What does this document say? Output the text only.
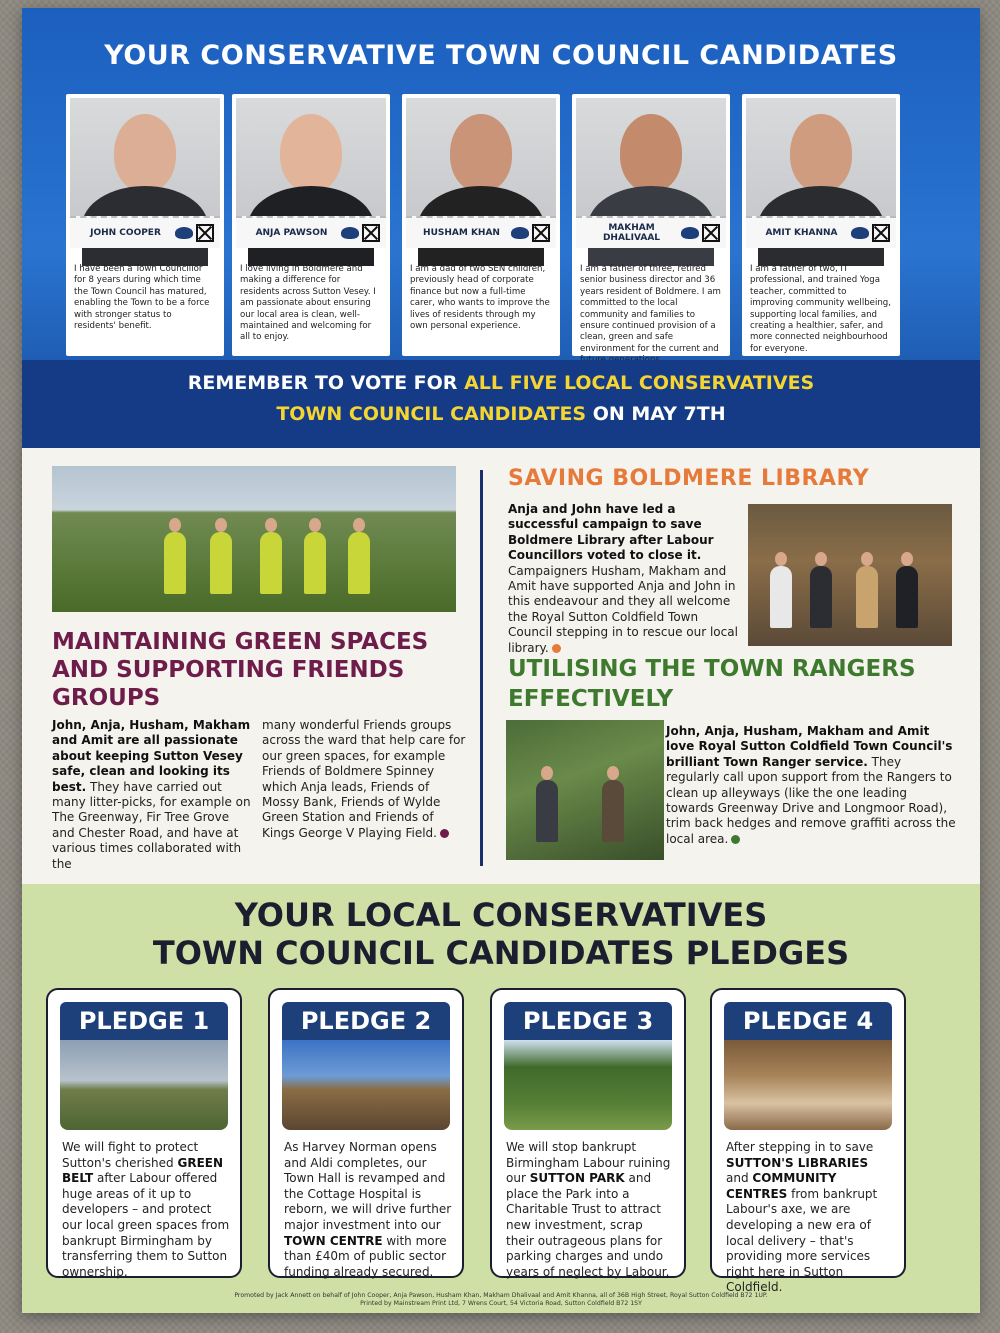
YOUR CONSERVATIVE TOWN COUNCIL CANDIDATES
JOHN COOPER
I have been a Town Councillor for 8 years during which time the Town Council has matured, enabling the Town to be a force with stronger status to residents' benefit.
ANJA PAWSON
I love living in Boldmere and making a difference for residents across Sutton Vesey. I am passionate about ensuring our local area is clean, well-maintained and welcoming for all to enjoy.
HUSHAM KHAN
I am a dad of two SEN children, previously head of corporate finance but now a full-time carer, who wants to improve the lives of residents through my own personal experience.
MAKHAM DHALIVAAL
I am a father of three, retired senior business director and 36 years resident of Boldmere. I am committed to the local community and families to ensure continued provision of a clean, green and safe environment for the current and
AMIT KHANNA
I am a father of two, IT professional, and trained Yoga teacher, committed to improving community wellbeing, supporting local families, and creating a healthier, safer, and more connected neighbourhood for everyone.
REMEMBER TO VOTE FOR ALL FIVE LOCAL CONSERVATIVES
TOWN COUNCIL CANDIDATES ON MAY 7TH
MAINTAINING GREEN SPACES AND SUPPORTING FRIENDS GROUPS
John, Anja, Husham, Makham and Amit are all passionate about keeping Sutton Vesey safe, clean and looking its best. They have carried out many litter-picks, for example on The Greenway, Fir Tree Grove and Chester Road, and have at various times collaborated with the
many wonderful Friends groups across the ward that help care for our green spaces, for example Friends of Boldmere Spinney which Anja leads, Friends of Mossy Bank, Friends of Wylde Green Station and Friends of Kings George V Playing Field.
SAVING BOLDMERE LIBRARY
Anja and John have led a successful campaign to save Boldmere Library after Labour Councillors voted to close it. Campaigners Husham, Makham and Amit have supported Anja and John in this endeavour and they all welcome the Royal Sutton Coldfield Town Council stepping in to rescue our local library.
UTILISING THE TOWN RANGERS EFFECTIVELY
John, Anja, Husham, Makham and Amit love Royal Sutton Coldfield Town Council's brilliant Town Ranger service. They regularly call upon support from the Rangers to clean up alleyways (like the one leading towards Greenway Drive and Longmoor Road), trim back hedges and remove graffiti across the local area.
YOUR LOCAL CONSERVATIVES
TOWN COUNCIL CANDIDATES PLEDGES
PLEDGE 1
We will fight to protect Sutton's cherished GREEN BELT after Labour offered huge areas of it up to developers – and protect our local green spaces from bankrupt Birmingham by transferring them to Sutton ownership.
PLEDGE 2
As Harvey Norman opens and Aldi completes, our Town Hall is revamped and the Cottage Hospital is reborn, we will drive further major investment into our TOWN CENTRE with more than £40m of public sector funding already secured.
PLEDGE 3
We will stop bankrupt Birmingham Labour ruining our SUTTON PARK and place the Park into a Charitable Trust to attract new investment, scrap their outrageous plans for parking charges and undo years of neglect by Labour.
PLEDGE 4
After stepping in to save SUTTON'S LIBRARIES and COMMUNITY CENTRES from bankrupt Labour's axe, we are developing a new era of local delivery – that's providing more services right here in Sutton Coldfield.
Promoted by Jack Annett on behalf of John Cooper, Anja Pawson, Husham Khan, Makham Dhalivaal and Amit Khanna, all of 36B High Street, Royal Sutton Coldfield B72 1UP.
Printed by Mainstream Print Ltd, 7 Wrens Court, 54 Victoria Road, Sutton Coldfield B72 1SY
